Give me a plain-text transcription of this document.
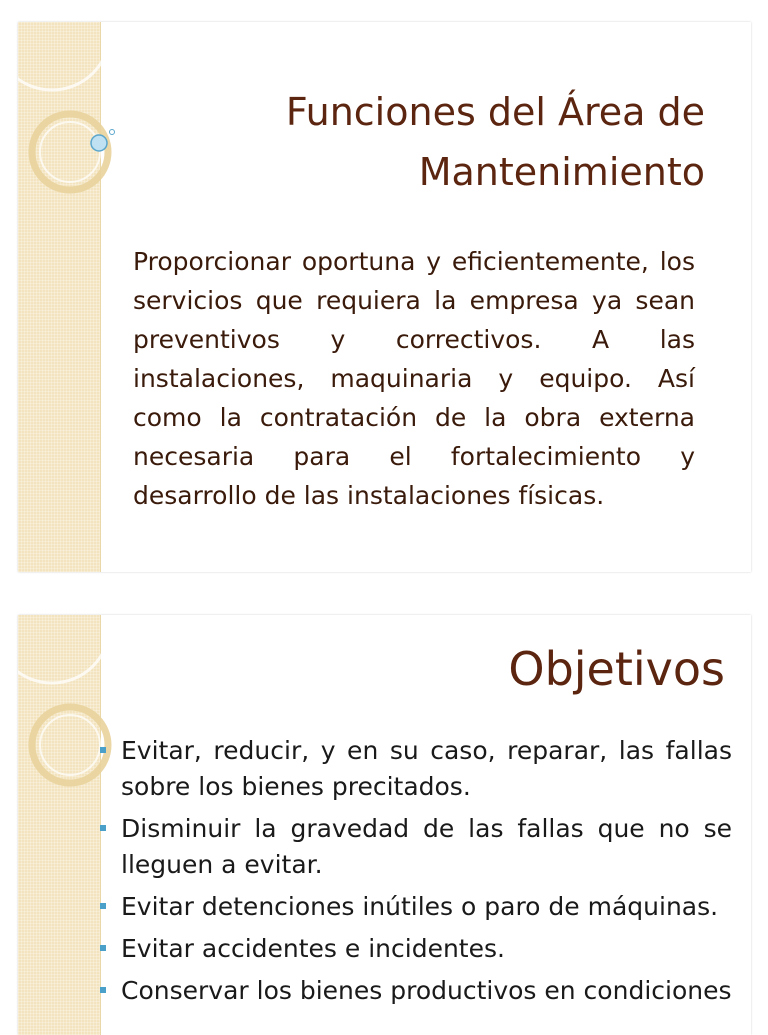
Funciones del Área de Mantenimiento

Proporcionar oportuna y eficientemente, los servicios que requiera la empresa ya sean preventivos y correctivos. A las instalaciones, maquinaria y equipo. Así como la contratación de la obra externa necesaria para el fortalecimiento y desarrollo de las instalaciones físicas.

Objetivos
Evitar, reducir, y en su caso, reparar, las fallas sobre los bienes precitados.
Disminuir la gravedad de las fallas que no se lleguen a evitar.
Evitar detenciones inútiles o paro de máquinas.
Evitar accidentes e incidentes.
Conservar los bienes productivos en condiciones
